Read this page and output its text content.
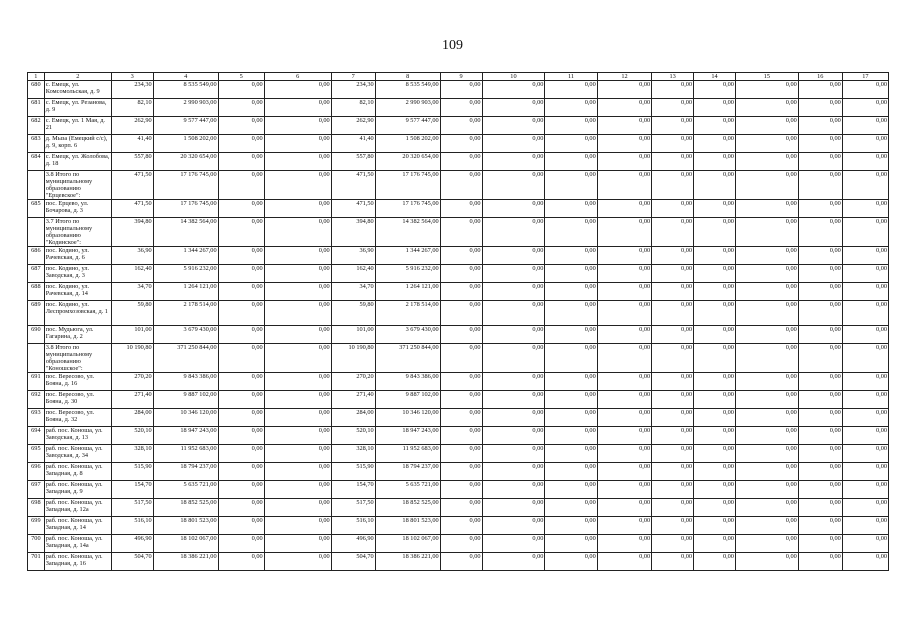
109
1	2	3	4	5	6	7	8	9	10	11	12	13	14	15	16	17
680	с. Емецк, ул. Комсомольская, д. 9	234,30	8 535 549,00	0,00	0,00	234,30	8 535 549,00	0,00	0,00	0,00	0,00	0,00	0,00	0,00	0,00	0,00
681	с. Емецк, ул. Резанова, д. 9	82,10	2 990 903,00	0,00	0,00	82,10	2 990 903,00	0,00	0,00	0,00	0,00	0,00	0,00	0,00	0,00	0,00
682	с. Емецк, ул. 1 Мая, д. 21	262,90	9 577 447,00	0,00	0,00	262,90	9 577 447,00	0,00	0,00	0,00	0,00	0,00	0,00	0,00	0,00	0,00
683	д. Мыза (Емецкий с/с), д. 9, корп. 6	41,40	1 508 202,00	0,00	0,00	41,40	1 508 202,00	0,00	0,00	0,00	0,00	0,00	0,00	0,00	0,00	0,00
684	с. Емецк, ул. Жолобова, д. 18	557,80	20 320 654,00	0,00	0,00	557,80	20 320 654,00	0,00	0,00	0,00	0,00	0,00	0,00	0,00	0,00	0,00
	3.8 Итого по муниципальному образованию "Ерцевское":	471,50	17 176 745,00	0,00	0,00	471,50	17 176 745,00	0,00	0,00	0,00	0,00	0,00	0,00	0,00	0,00	0,00
685	пос. Ерцево, ул. Бочарова, д. 3	471,50	17 176 745,00	0,00	0,00	471,50	17 176 745,00	0,00	0,00	0,00	0,00	0,00	0,00	0,00	0,00	0,00
	3.7 Итого по муниципальному образованию "Кодинское":	394,80	14 382 564,00	0,00	0,00	394,80	14 382 564,00	0,00	0,00	0,00	0,00	0,00	0,00	0,00	0,00	0,00
686	пос. Кодино, ул. Рачевская, д. 6	36,90	1 344 267,00	0,00	0,00	36,90	1 344 267,00	0,00	0,00	0,00	0,00	0,00	0,00	0,00	0,00	0,00
687	пос. Кодино, ул. Заводская, д. 3	162,40	5 916 232,00	0,00	0,00	162,40	5 916 232,00	0,00	0,00	0,00	0,00	0,00	0,00	0,00	0,00	0,00
688	пос. Кодино, ул. Рачевская, д. 14	34,70	1 264 121,00	0,00	0,00	34,70	1 264 121,00	0,00	0,00	0,00	0,00	0,00	0,00	0,00	0,00	0,00
689	пос. Кодино, ул. Леспромхозовская, д. 1	59,80	2 178 514,00	0,00	0,00	59,80	2 178 514,00	0,00	0,00	0,00	0,00	0,00	0,00	0,00	0,00	0,00
690	пос. Мудьюга, ул. Гагарина, д. 2	101,00	3 679 430,00	0,00	0,00	101,00	3 679 430,00	0,00	0,00	0,00	0,00	0,00	0,00	0,00	0,00	0,00
	3.8 Итого по муниципальному образованию "Коношское":	10 190,80	371 250 844,00	0,00	0,00	10 190,80	371 250 844,00	0,00	0,00	0,00	0,00	0,00	0,00	0,00	0,00	0,00
691	пос. Вересово, ул. Бояна, д. 16	270,20	9 843 386,00	0,00	0,00	270,20	9 843 386,00	0,00	0,00	0,00	0,00	0,00	0,00	0,00	0,00	0,00
692	пос. Вересово, ул. Бояна, д. 30	271,40	9 887 102,00	0,00	0,00	271,40	9 887 102,00	0,00	0,00	0,00	0,00	0,00	0,00	0,00	0,00	0,00
693	пос. Вересово, ул. Бояна, д. 32	284,00	10 346 120,00	0,00	0,00	284,00	10 346 120,00	0,00	0,00	0,00	0,00	0,00	0,00	0,00	0,00	0,00
694	раб. пос. Коноша, ул. Заводская, д. 13	520,10	18 947 243,00	0,00	0,00	520,10	18 947 243,00	0,00	0,00	0,00	0,00	0,00	0,00	0,00	0,00	0,00
695	раб. пос. Коноша, ул. Заводская, д. 34	328,10	11 952 683,00	0,00	0,00	328,10	11 952 683,00	0,00	0,00	0,00	0,00	0,00	0,00	0,00	0,00	0,00
696	раб. пос. Коноша, ул. Западная, д. 8	515,90	18 794 237,00	0,00	0,00	515,90	18 794 237,00	0,00	0,00	0,00	0,00	0,00	0,00	0,00	0,00	0,00
697	раб. пос. Коноша, ул. Западная, д. 9	154,70	5 635 721,00	0,00	0,00	154,70	5 635 721,00	0,00	0,00	0,00	0,00	0,00	0,00	0,00	0,00	0,00
698	раб. пос. Коноша, ул. Западная, д. 12а	517,50	18 852 525,00	0,00	0,00	517,50	18 852 525,00	0,00	0,00	0,00	0,00	0,00	0,00	0,00	0,00	0,00
699	раб. пос. Коноша, ул. Западная, д. 14	516,10	18 801 523,00	0,00	0,00	516,10	18 801 523,00	0,00	0,00	0,00	0,00	0,00	0,00	0,00	0,00	0,00
700	раб. пос. Коноша, ул. Западная, д. 14а	496,90	18 102 067,00	0,00	0,00	496,90	18 102 067,00	0,00	0,00	0,00	0,00	0,00	0,00	0,00	0,00	0,00
701	раб. пос. Коноша, ул. Западная, д. 16	504,70	18 386 221,00	0,00	0,00	504,70	18 386 221,00	0,00	0,00	0,00	0,00	0,00	0,00	0,00	0,00	0,00
